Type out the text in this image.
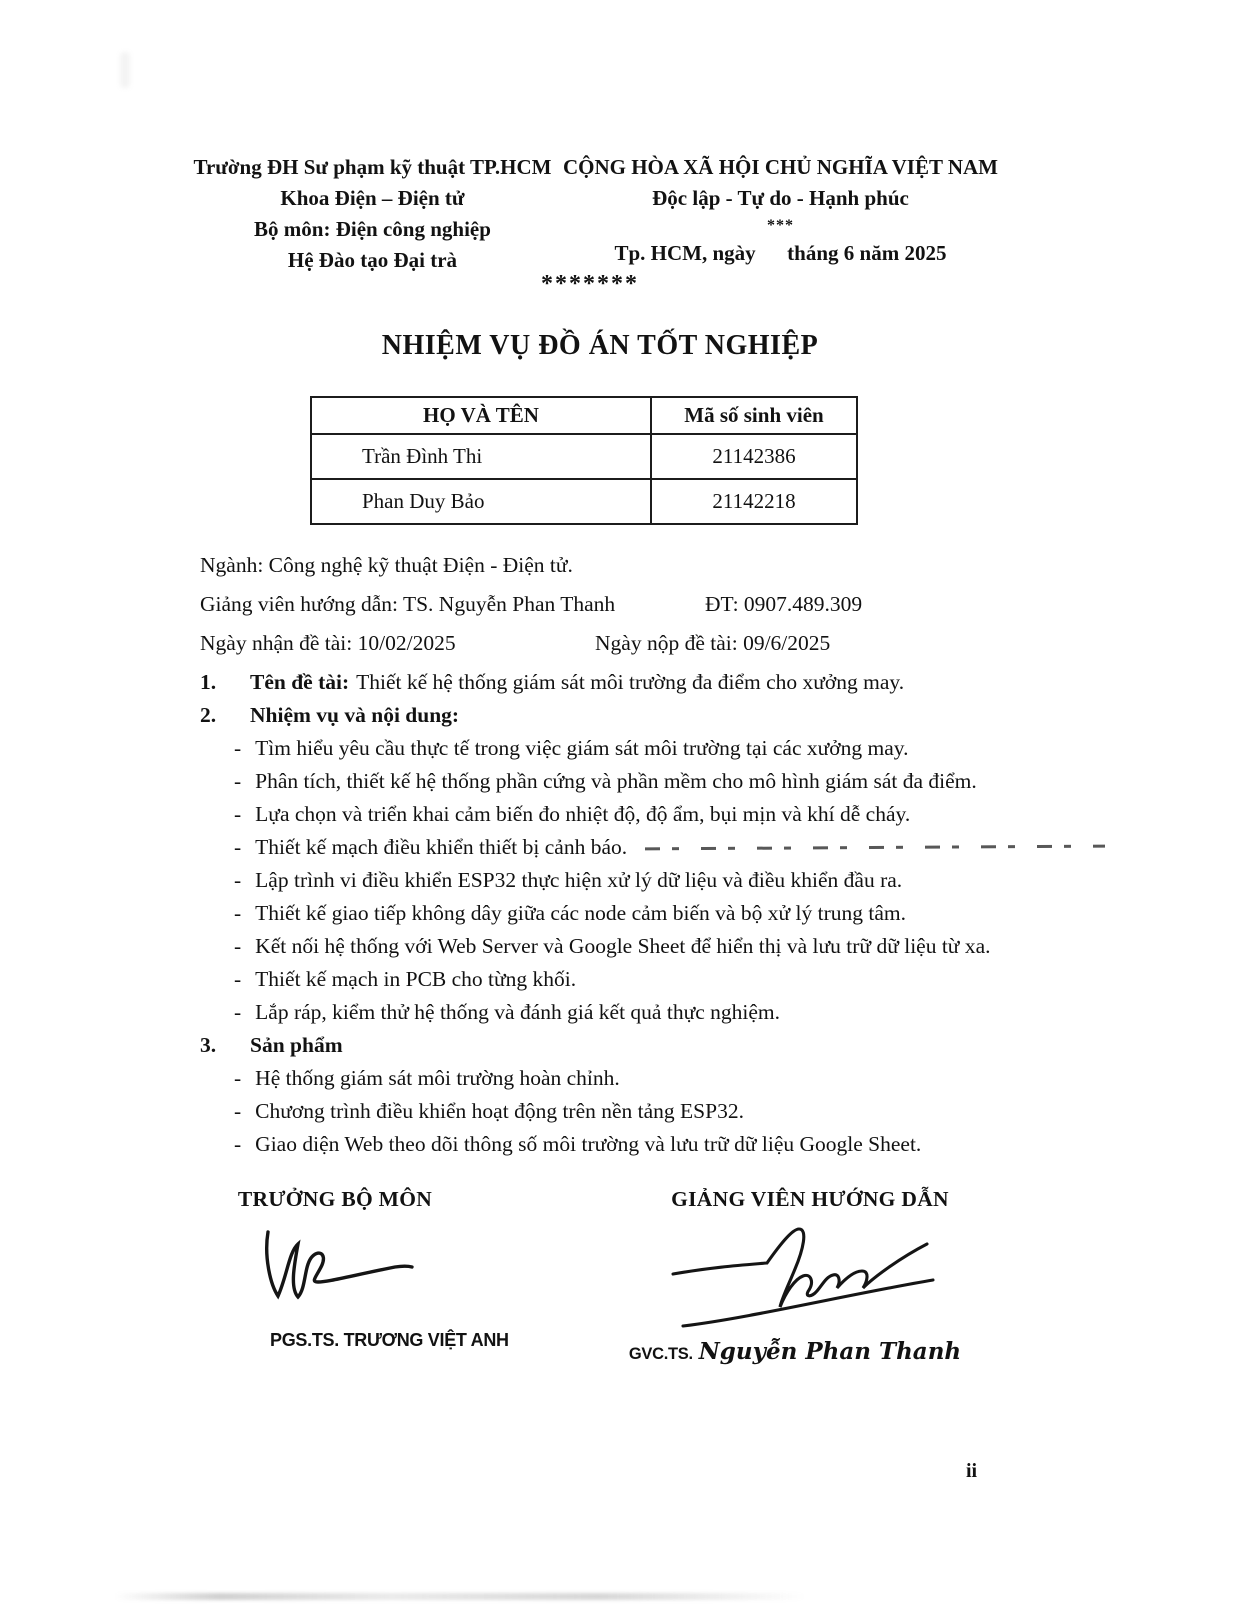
Trường ĐH Sư phạm kỹ thuật TP.HCM
Khoa Điện – Điện tử
Bộ môn: Điện công nghiệp
Hệ Đào tạo Đại trà
CỘNG HÒA XÃ HỘI CHỦ NGHĨA VIỆT NAM
Độc lập - Tự do - Hạnh phúc
***
Tp. HCM, ngày      tháng 6 năm 2025
*******
NHIỆM VỤ ĐỒ ÁN TỐT NGHIỆP
HỌ VÀ TÊN	Mã số sinh viên
Trần Đình Thi	21142386
Phan Duy Bảo	21142218

Ngành: Công nghệ kỹ thuật Điện - Điện tử.

Giảng viên hướng dẫn: TS. Nguyễn Phan Thanh	ĐT: 0907.489.309

Ngày nhận đề tài: 10/02/2025	Ngày nộp đề tài: 09/6/2025

1. Tên đề tài: Thiết kế hệ thống giám sát môi trường đa điểm cho xưởng may.

2. Nhiệm vụ và nội dung:

- Tìm hiểu yêu cầu thực tế trong việc giám sát môi trường tại các xưởng may.

- Phân tích, thiết kế hệ thống phần cứng và phần mềm cho mô hình giám sát đa điểm.

- Lựa chọn và triển khai cảm biến đo nhiệt độ, độ ẩm, bụi mịn và khí dễ cháy.

- Thiết kế mạch điều khiển thiết bị cảnh báo.

- Lập trình vi điều khiển ESP32 thực hiện xử lý dữ liệu và điều khiển đầu ra.

- Thiết kế giao tiếp không dây giữa các node cảm biến và bộ xử lý trung tâm.

- Kết nối hệ thống với Web Server và Google Sheet để hiển thị và lưu trữ dữ liệu từ xa.

- Thiết kế mạch in PCB cho từng khối.

- Lắp ráp, kiểm thử hệ thống và đánh giá kết quả thực nghiệm.

3. Sản phẩm

- Hệ thống giám sát môi trường hoàn chỉnh.

- Chương trình điều khiển hoạt động trên nền tảng ESP32.

- Giao diện Web theo dõi thông số môi trường và lưu trữ dữ liệu Google Sheet.

TRƯỞNG BỘ MÔN
PGS.TS. TRƯƠNG VIỆT ANH
GIẢNG VIÊN HƯỚNG DẪN
GVC.TS. Nguyễn Phan Thanh
ii
